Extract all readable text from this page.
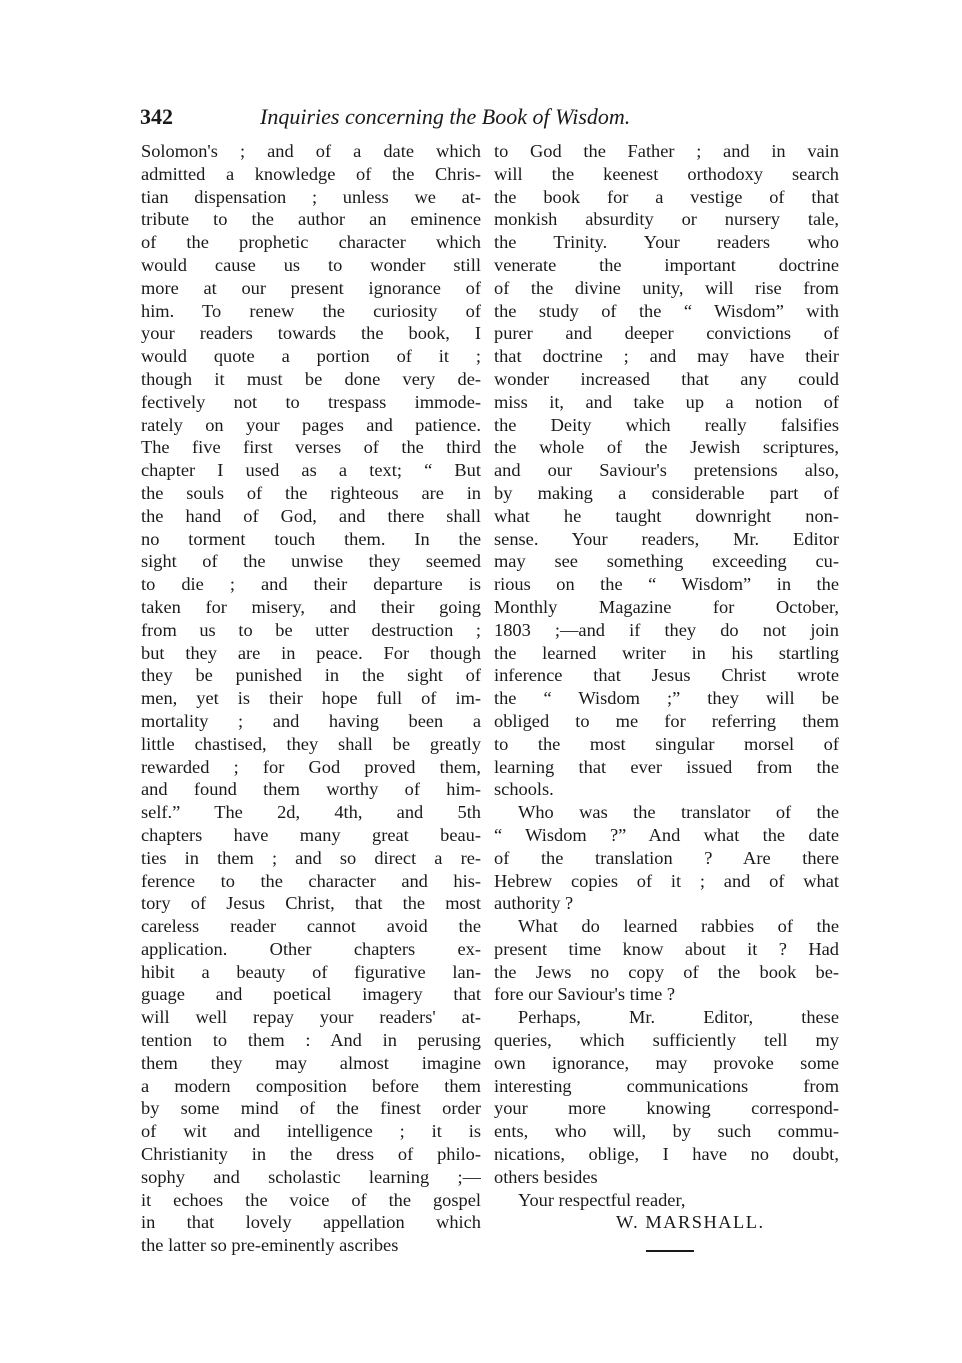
342	Inquiries concerning the Book of Wisdom.
Solomon's ; and of a date which
admitted a knowledge of the Chris-
tian dispensation ; unless we at-
tribute to the author an eminence
of the prophetic character which
would cause us to wonder still
more at our present ignorance of
him. To renew the curiosity of
your readers towards the book, I
would quote a portion of it ;
though it must be done very de-
fectively not to trespass immode-
rately on your pages and patience.
The five first verses of the third
chapter I used as a text; “ But
the souls of the righteous are in
the hand of God, and there shall
no torment touch them. In the
sight of the unwise they seemed
to die ; and their departure is
taken for misery, and their going
from us to be utter destruction ;
but they are in peace. For though
they be punished in the sight of
men, yet is their hope full of im-
mortality ; and having been a
little chastised, they shall be greatly
rewarded ; for God proved them,
and found them worthy of him-
self.” The 2d, 4th, and 5th
chapters have many great beau-
ties in them ; and so direct a re-
ference to the character and his-
tory of Jesus Christ, that the most
careless reader cannot avoid the
application. Other chapters ex-
hibit a beauty of figurative lan-
guage and poetical imagery that
will well repay your readers' at-
tention to them : And in perusing
them they may almost imagine
a modern composition before them
by some mind of the finest order
of wit and intelligence ; it is
Christianity in the dress of philo-
sophy and scholastic learning ;—
it echoes the voice of the gospel
in that lovely appellation which
the latter so pre-eminently ascribes
to God the Father ; and in vain
will the keenest orthodoxy search
the book for a vestige of that
monkish absurdity or nursery tale,
the Trinity. Your readers who
venerate the important doctrine
of the divine unity, will rise from
the study of the “ Wisdom” with
purer and deeper convictions of
that doctrine ; and may have their
wonder increased that any could
miss it, and take up a notion of
the Deity which really falsifies
the whole of the Jewish scriptures,
and our Saviour's pretensions also,
by making a considerable part of
what he taught downright non-
sense. Your readers, Mr. Editor
may see something exceeding cu-
rious on the “ Wisdom” in the
Monthly Magazine for October,
1803 ;—and if they do not join
the learned writer in his startling
inference that Jesus Christ wrote
the “ Wisdom ;” they will be
obliged to me for referring them
to the most singular morsel of
learning that ever issued from the
schools.
Who was the translator of the
“ Wisdom ?” And what the date
of the translation ? Are there
Hebrew copies of it ; and of what
authority ?
What do learned rabbies of the
present time know about it ? Had
the Jews no copy of the book be-
fore our Saviour's time ?
Perhaps, Mr. Editor, these
queries, which sufficiently tell my
own ignorance, may provoke some
interesting communications from
your more knowing correspond-
ents, who will, by such commu-
nications, oblige, I have no doubt,
others besides
Your respectful reader,
W. MARSHALL.
